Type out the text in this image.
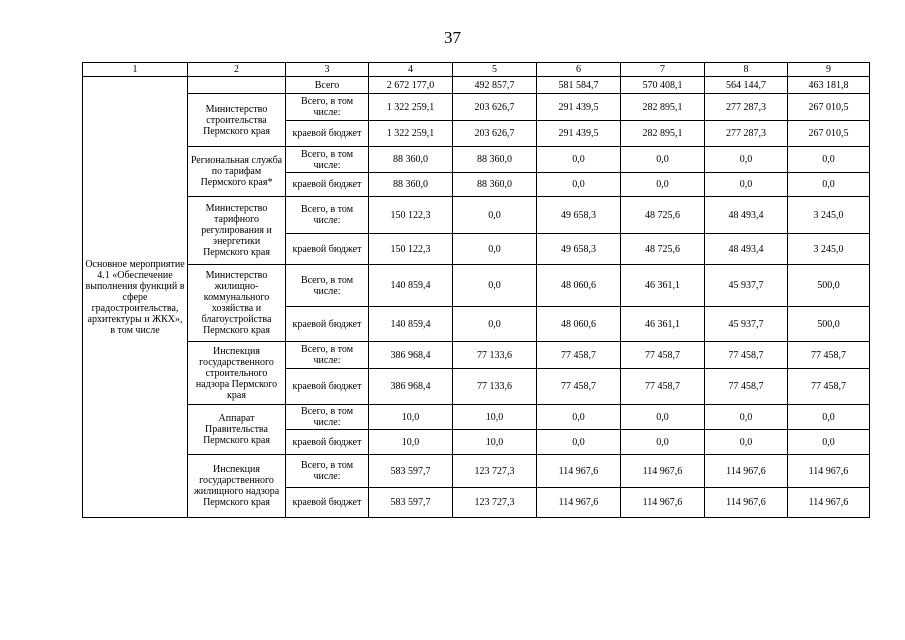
37
1	2	3	4	5	6	7	8	9
Основное мероприятие 4.1 «Обеспечение выполнения функций в сфере градостроительства, архитектуры и ЖКХ», в том числе		Всего	2 672 177,0	492 857,7	581 584,7	570 408,1	564 144,7	463 181,8
	Министерство строительства Пермского края	Всего, в том числе:	1 322 259,1	203 626,7	291 439,5	282 895,1	277 287,3	267 010,5
		краевой бюджет	1 322 259,1	203 626,7	291 439,5	282 895,1	277 287,3	267 010,5
	Региональная служба по тарифам Пермского края*	Всего, в том числе:	88 360,0	88 360,0	0,0	0,0	0,0	0,0
		краевой бюджет	88 360,0	88 360,0	0,0	0,0	0,0	0,0
	Министерство тарифного регулирования и энергетики Пермского края	Всего, в том числе:	150 122,3	0,0	49 658,3	48 725,6	48 493,4	3 245,0
		краевой бюджет	150 122,3	0,0	49 658,3	48 725,6	48 493,4	3 245,0
	Министерство жилищно-коммунального хозяйства и благоустройства Пермского края	Всего, в том числе:	140 859,4	0,0	48 060,6	46 361,1	45 937,7	500,0
		краевой бюджет	140 859,4	0,0	48 060,6	46 361,1	45 937,7	500,0
	Инспекция государственного строительного надзора Пермского края	Всего, в том числе:	386 968,4	77 133,6	77 458,7	77 458,7	77 458,7	77 458,7
		краевой бюджет	386 968,4	77 133,6	77 458,7	77 458,7	77 458,7	77 458,7
	Аппарат Правительства Пермского края	Всего, в том числе:	10,0	10,0	0,0	0,0	0,0	0,0
		краевой бюджет	10,0	10,0	0,0	0,0	0,0	0,0
	Инспекция государственного жилищного надзора Пермского края	Всего, в том числе:	583 597,7	123 727,3	114 967,6	114 967,6	114 967,6	114 967,6
		краевой бюджет	583 597,7	123 727,3	114 967,6	114 967,6	114 967,6	114 967,6
